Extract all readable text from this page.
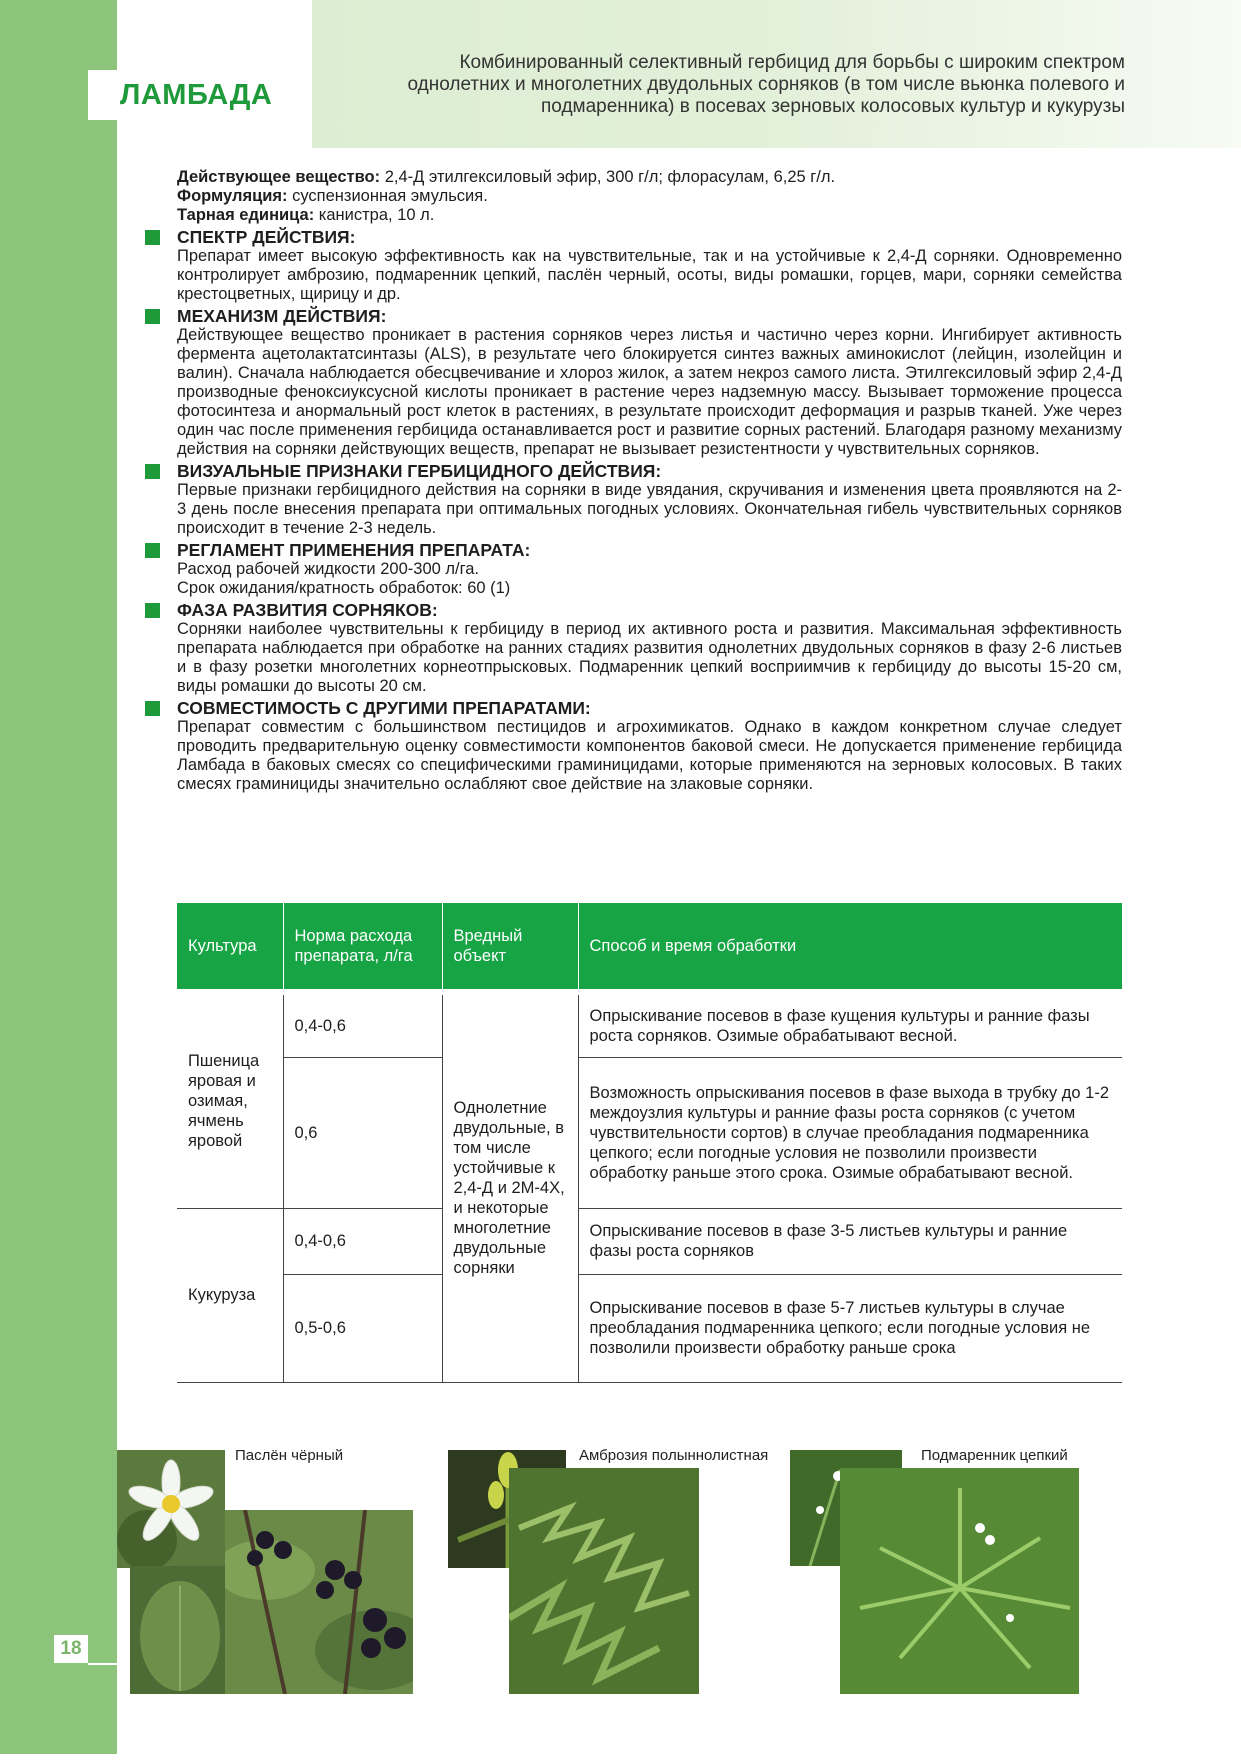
ЛАМБАДА
Комбинированный селективный гербицид для борьбы с широким спектром
однолетних и многолетних двудольных сорняков (в том числе вьюнка полевого и
подмаренника) в посевах зерновых колосовых культур и кукурузы

Действующее вещество: 2,4-Д этилгексиловый эфир, 300 г/л; флорасулам, 6,25 г/л.

Формуляция: суспензионная эмульсия.

Тарная единица: канистра, 10 л.

СПЕКТР ДЕЙСТВИЯ:

Препарат имеет высокую эффективность как на чувствительные, так и на устойчивые к 2,4-Д сорняки. Одновременно контролирует амброзию, подмаренник цепкий, паслён черный, осоты, виды ромашки, горцев, мари, сорняки семейства крестоцветных, щирицу и др.

МЕХАНИЗМ ДЕЙСТВИЯ:

Действующее вещество проникает в растения сорняков через листья и частично через корни. Ингибирует активность фермента ацетолактатсинтазы (ALS), в результате чего блокируется синтез важных аминокислот (лейцин, изолейцин и валин). Сначала наблюдается обесцвечивание и хлороз жилок, а затем некроз самого листа. Этилгексиловый эфир 2,4-Д производные феноксиуксусной кислоты проникает в растение через надземную массу. Вызывает торможение процесса фотосинтеза и анормальный рост клеток в растениях, в результате происходит деформация и разрыв тканей. Уже через один час после применения гербицида останавливается рост и развитие сорных растений. Благодаря разному механизму действия на сорняки действующих веществ, препарат не вызывает резистентности у чувствительных сорняков.

ВИЗУАЛЬНЫЕ ПРИЗНАКИ ГЕРБИЦИДНОГО ДЕЙСТВИЯ:

Первые признаки гербицидного действия на сорняки в виде увядания, скручивания и изменения цвета проявляются на 2-3 день после внесения препарата при оптимальных погодных условиях. Окончательная гибель чувствительных сорняков происходит в течение 2-3 недель.

РЕГЛАМЕНТ ПРИМЕНЕНИЯ ПРЕПАРАТА:

Расход рабочей жидкости 200-300 л/га.

Срок ожидания/кратность обработок: 60 (1)

ФАЗА РАЗВИТИЯ СОРНЯКОВ:

Сорняки наиболее чувствительны к гербициду в период их активного роста и развития. Максимальная эффективность препарата наблюдается при обработке на ранних стадиях развития однолетних двудольных сорняков в фазу 2-6 листьев и в фазу розетки многолетних корнеотпрысковых. Подмаренник цепкий восприимчив к гербициду до высоты 15-20 см, виды ромашки до высоты 20 см.

СОВМЕСТИМОСТЬ С ДРУГИМИ ПРЕПАРАТАМИ:

Препарат совместим с большинством пестицидов и агрохимикатов. Однако в каждом конкретном случае следует проводить предварительную оценку совместимости компонентов баковой смеси. Не допускается применение гербицида Ламбада в баковых смесях со специфическими граминицидами, которые применяются на зерновых колосовых. В таких смесях граминициды значительно ослабляют свое действие на злаковые сорняки.

Культура	Норма расхода препарата, л/га	Вредный объект	Способ и время обработки

Пшеница яровая и озимая, ячмень яровой	0,4-0,6	Однолетние двудольные, в том числе устойчивые к 2,4-Д и 2М-4Х, и некоторые многолетние двудольные сорняки	Опрыскивание посевов в фазе кущения культуры и ранние фазы роста сорняков. Озимые обрабатывают весной.
	0,6		Возможность опрыскивания посевов в фазе выхода в трубку до 1-2 междоузлия культуры и ранние фазы роста сорняков (с учетом чувствительности сортов) в случае преобладания подмаренника цепкого; если погодные условия не позволили произвести обработку раньше этого срока. Озимые обрабатывают весной.
Кукуруза	0,4-0,6		Опрыскивание посевов в фазе 3-5 листьев культуры и ранние фазы роста сорняков
	0,5-0,6		Опрыскивание посевов в фазе 5-7 листьев культуры в случае преобладания подмаренника цепкого; если погодные условия не позволили произвести обработку раньше срока
Паслён чёрный	Амброзия полыннолистная	Подмаренник цепкий
18
